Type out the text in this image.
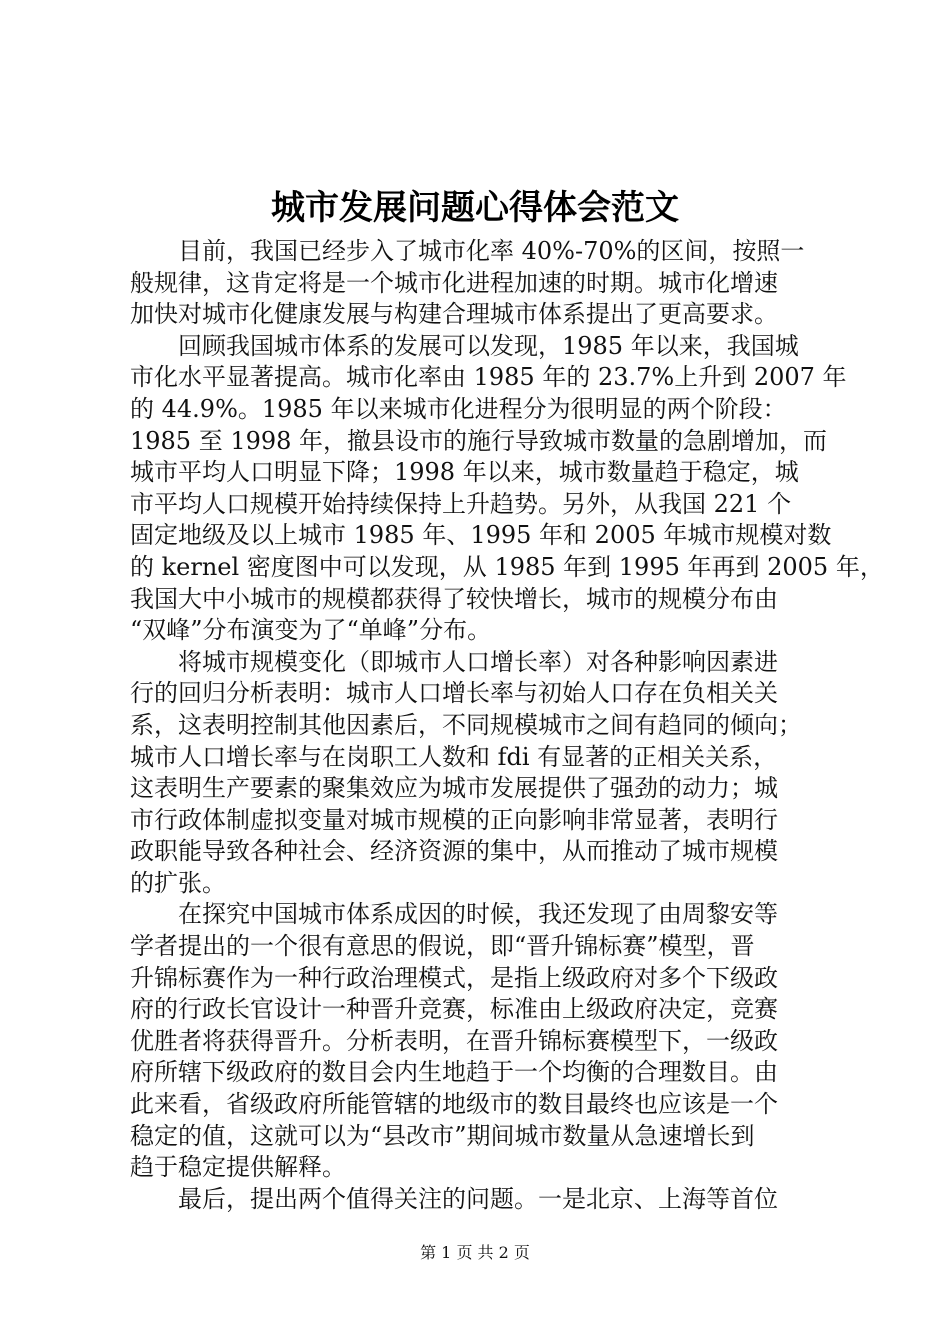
城市发展问题心得体会范文
目前，我国已经步入了城市化率 40%-70%的区间，按照一
般规律，这肯定将是一个城市化进程加速的时期。城市化增速
加快对城市化健康发展与构建合理城市体系提出了更高要求。
回顾我国城市体系的发展可以发现，1985 年以来，我国城
市化水平显著提高。城市化率由 1985 年的 23.7%上升到 2007 年
的 44.9%。1985 年以来城市化进程分为很明显的两个阶段：
1985 至 1998 年，撤县设市的施行导致城市数量的急剧增加，而
城市平均人口明显下降；1998 年以来，城市数量趋于稳定，城
市平均人口规模开始持续保持上升趋势。另外，从我国 221 个
固定地级及以上城市 1985 年、1995 年和 2005 年城市规模对数
的 kernel 密度图中可以发现，从 1985 年到 1995 年再到 2005 年，
我国大中小城市的规模都获得了较快增长，城市的规模分布由
“双峰”分布演变为了“单峰”分布。
将城市规模变化（即城市人口增长率）对各种影响因素进
行的回归分析表明：城市人口增长率与初始人口存在负相关关
系，这表明控制其他因素后，不同规模城市之间有趋同的倾向；
城市人口增长率与在岗职工人数和 fdi 有显著的正相关关系，
这表明生产要素的聚集效应为城市发展提供了强劲的动力；城
市行政体制虚拟变量对城市规模的正向影响非常显著，表明行
政职能导致各种社会、经济资源的集中，从而推动了城市规模
的扩张。
在探究中国城市体系成因的时候，我还发现了由周黎安等
学者提出的一个很有意思的假说，即“晋升锦标赛”模型，晋
升锦标赛作为一种行政治理模式，是指上级政府对多个下级政
府的行政长官设计一种晋升竞赛，标准由上级政府决定，竞赛
优胜者将获得晋升。分析表明，在晋升锦标赛模型下，一级政
府所辖下级政府的数目会内生地趋于一个均衡的合理数目。由
此来看，省级政府所能管辖的地级市的数目最终也应该是一个
稳定的值，这就可以为“县改市”期间城市数量从急速增长到
趋于稳定提供解释。
最后，提出两个值得关注的问题。一是北京、上海等首位
第 1 页 共 2 页
